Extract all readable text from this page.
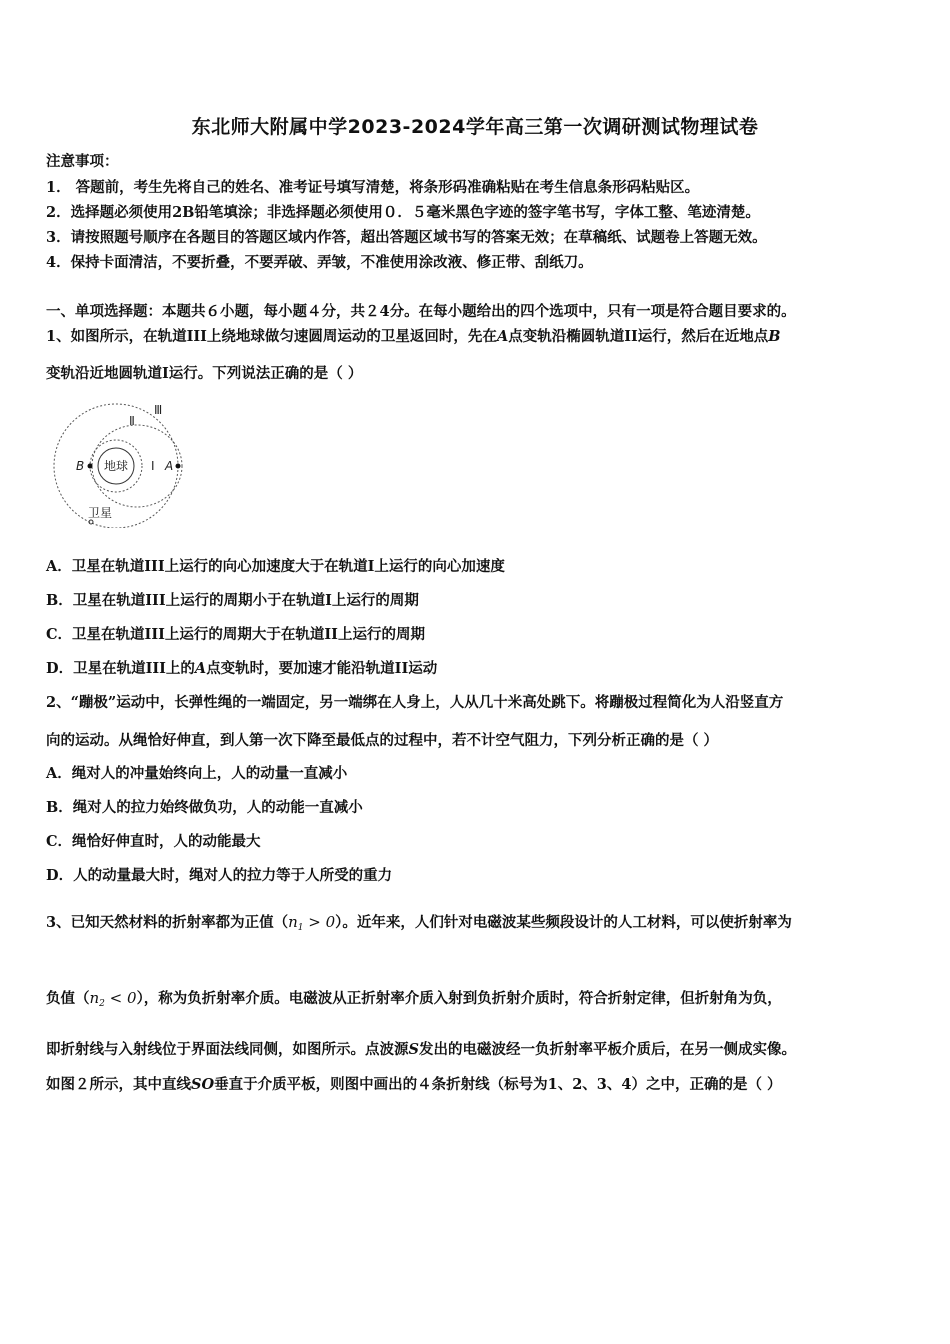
东北师大附属中学2023-2024学年高三第一次调研测试物理试卷
注意事项：
1． 答题前，考生先将自己的姓名、准考证号填写清楚，将条形码准确粘贴在考生信息条形码粘贴区。
2．选择题必须使用2B铅笔填涂；非选择题必须使用０．５毫米黑色字迹的签字笔书写，字体工整、笔迹清楚。
3．请按照题号顺序在各题目的答题区域内作答，超出答题区域书写的答案无效；在草稿纸、试题卷上答题无效。
4．保持卡面清洁，不要折叠，不要弄破、弄皱，不准使用涂改液、修正带、刮纸刀。
一、单项选择题：本题共６小题，每小题４分，共２4分。在每小题给出的四个选项中，只有一项是符合题目要求的。
1、如图所示，在轨道III上绕地球做匀速圆周运动的卫星返回时，先在A点变轨沿椭圆轨道II运行，然后在近地点B
变轨沿近地圆轨道I运行。下列说法正确的是（ ）
Ⅲ
Ⅱ
Ⅰ
B	A
地球
卫星
A．卫星在轨道III上运行的向心加速度大于在轨道I上运行的向心加速度
B．卫星在轨道III上运行的周期小于在轨道I上运行的周期
C．卫星在轨道III上运行的周期大于在轨道II上运行的周期
D．卫星在轨道III上的A点变轨时，要加速才能沿轨道II运动
2、“蹦极”运动中，长弹性绳的一端固定，另一端绑在人身上，人从几十米高处跳下。将蹦极过程简化为人沿竖直方
向的运动。从绳恰好伸直，到人第一次下降至最低点的过程中，若不计空气阻力，下列分析正确的是（ ）
A．绳对人的冲量始终向上，人的动量一直减小
B．绳对人的拉力始终做负功，人的动能一直减小
C．绳恰好伸直时，人的动能最大
D．人的动量最大时，绳对人的拉力等于人所受的重力
3、已知天然材料的折射率都为正值$(n_1 > 0)$。近年来，人们针对电磁波某些频段设计的人工材料，可以使折射率为
负值$(n_2 < 0)$，称为负折射率介质。电磁波从正折射率介质入射到负折射介质时，符合折射定律，但折射角为负，
即折射线与入射线位于界面法线同侧，如图所示。点波源S发出的电磁波经一负折射率平板介质后，在另一侧成实像。
如图２所示，其中直线SO垂直于介质平板，则图中画出的４条折射线（标号为1、2、3、4）之中，正确的是（ ）
